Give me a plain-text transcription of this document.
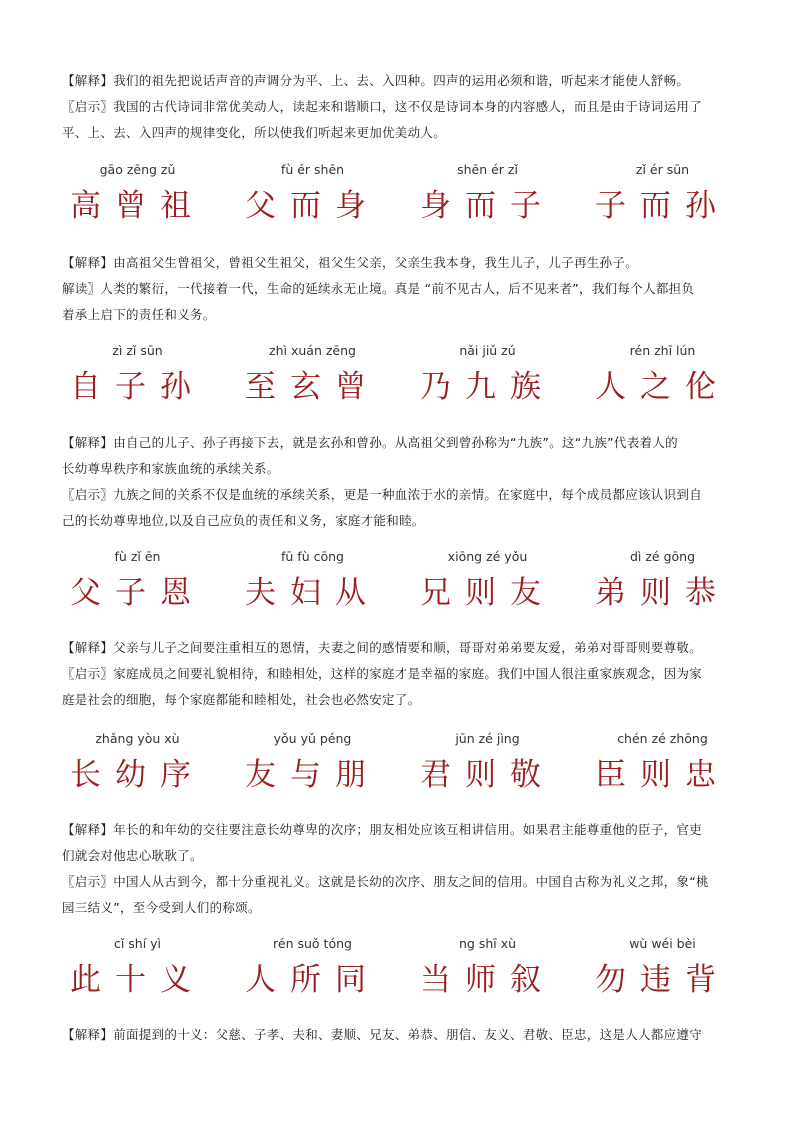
【解释】我们的祖先把说话声音的声调分为平、上、去、入四种。四声的运用必须和谐，听起来才能使人舒畅。

〖启示〗我国的古代诗词非常优美动人，读起来和谐顺口，这不仅是诗词本身的内容感人，而且是由于诗词运用了

平、上、去、入四声的规律变化，所以使我们听起来更加优美动人。

gāo zēng zǔ
高曾祖
fù ér shēn
父而身
shēn ér zǐ
身而子
zǐ ér sūn
子而孙

【解释】由高祖父生曾祖父，曾祖父生祖父，祖父生父亲，父亲生我本身，我生儿子，儿子再生孙子。

解读〗人类的繁衍，一代接着一代，生命的延续永无止境。真是 “前不见古人，后不见来者”，我们每个人都担负

着承上启下的责任和义务。

zì zǐ sūn
自子孙
zhì xuán zēng
至玄曾
nǎi jiǔ zú
乃九族
rén zhī lún
人之伦

【解释】由自己的儿子、孙子再接下去，就是玄孙和曾孙。从高祖父到曾孙称为“九族”。这“九族”代表着人的

长幼尊卑秩序和家族血统的承续关系。

〖启示〗九族之间的关系不仅是血统的承续关系，更是一种血浓于水的亲情。在家庭中，每个成员都应该认识到自

己的长幼尊卑地位,以及自己应负的责任和义务，家庭才能和睦。

fù zǐ ēn
父子恩
fū fù cōng
夫妇从
xiōng zé yǒu
兄则友
dì zé gōng
弟则恭

【解释】父亲与儿子之间要注重相互的恩情，夫妻之间的感情要和顺，哥哥对弟弟要友爱，弟弟对哥哥则要尊敬。

〖启示〗家庭成员之间要礼貌相待，和睦相处，这样的家庭才是幸福的家庭。我们中国人很注重家族观念，因为家

庭是社会的细胞，每个家庭都能和睦相处，社会也必然安定了。

zhǎng yòu xù
长幼序
yǒu yǔ péng
友与朋
jūn zé jìng
君则敬
chén zé zhōng
臣则忠

【解释】年长的和年幼的交往要注意长幼尊卑的次序；朋友相处应该互相讲信用。如果君主能尊重他的臣子，官吏

们就会对他忠心耿耿了。

〖启示〗中国人从古到今，都十分重视礼义。这就是长幼的次序、朋友之间的信用。中国自古称为礼义之邦，象“桃

园三结义”，至今受到人们的称颂。

cǐ shí yì
此十义
rén suǒ tóng
人所同
ng shī xù
当师叙
wù wéi bèi
勿违背

【解释】前面提到的十义：父慈、子孝、夫和、妻顺、兄友、弟恭、朋信、友义、君敬、臣忠，这是人人都应遵守
